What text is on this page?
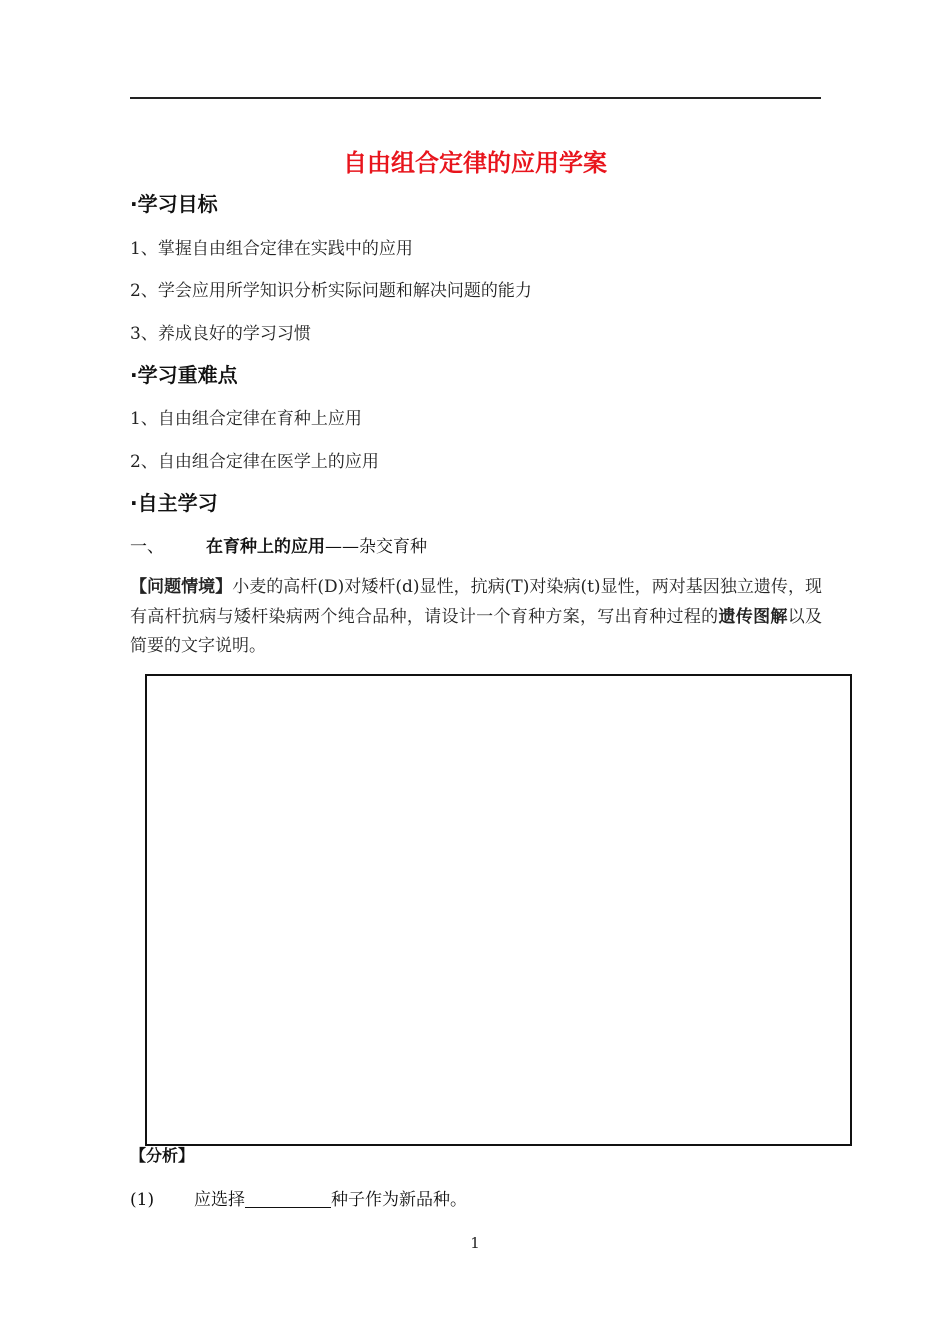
自由组合定律的应用学案
·学习目标
1、掌握自由组合定律在实践中的应用
2、学会应用所学知识分析实际问题和解决问题的能力
3、养成良好的学习习惯
·学习重难点
1、自由组合定律在育种上应用
2、自由组合定律在医学上的应用
·自主学习
一、 在育种上的应用——杂交育种
【问题情境】小麦的高杆(D)对矮杆(d)显性，抗病(T)对染病(t)显性，两对基因独立遗传，现有高杆抗病与矮杆染病两个纯合品种，请设计一个育种方案，写出育种过程的遗传图解以及简要的文字说明。
【分析】
(1) 应选择	种子作为新品种。
1
